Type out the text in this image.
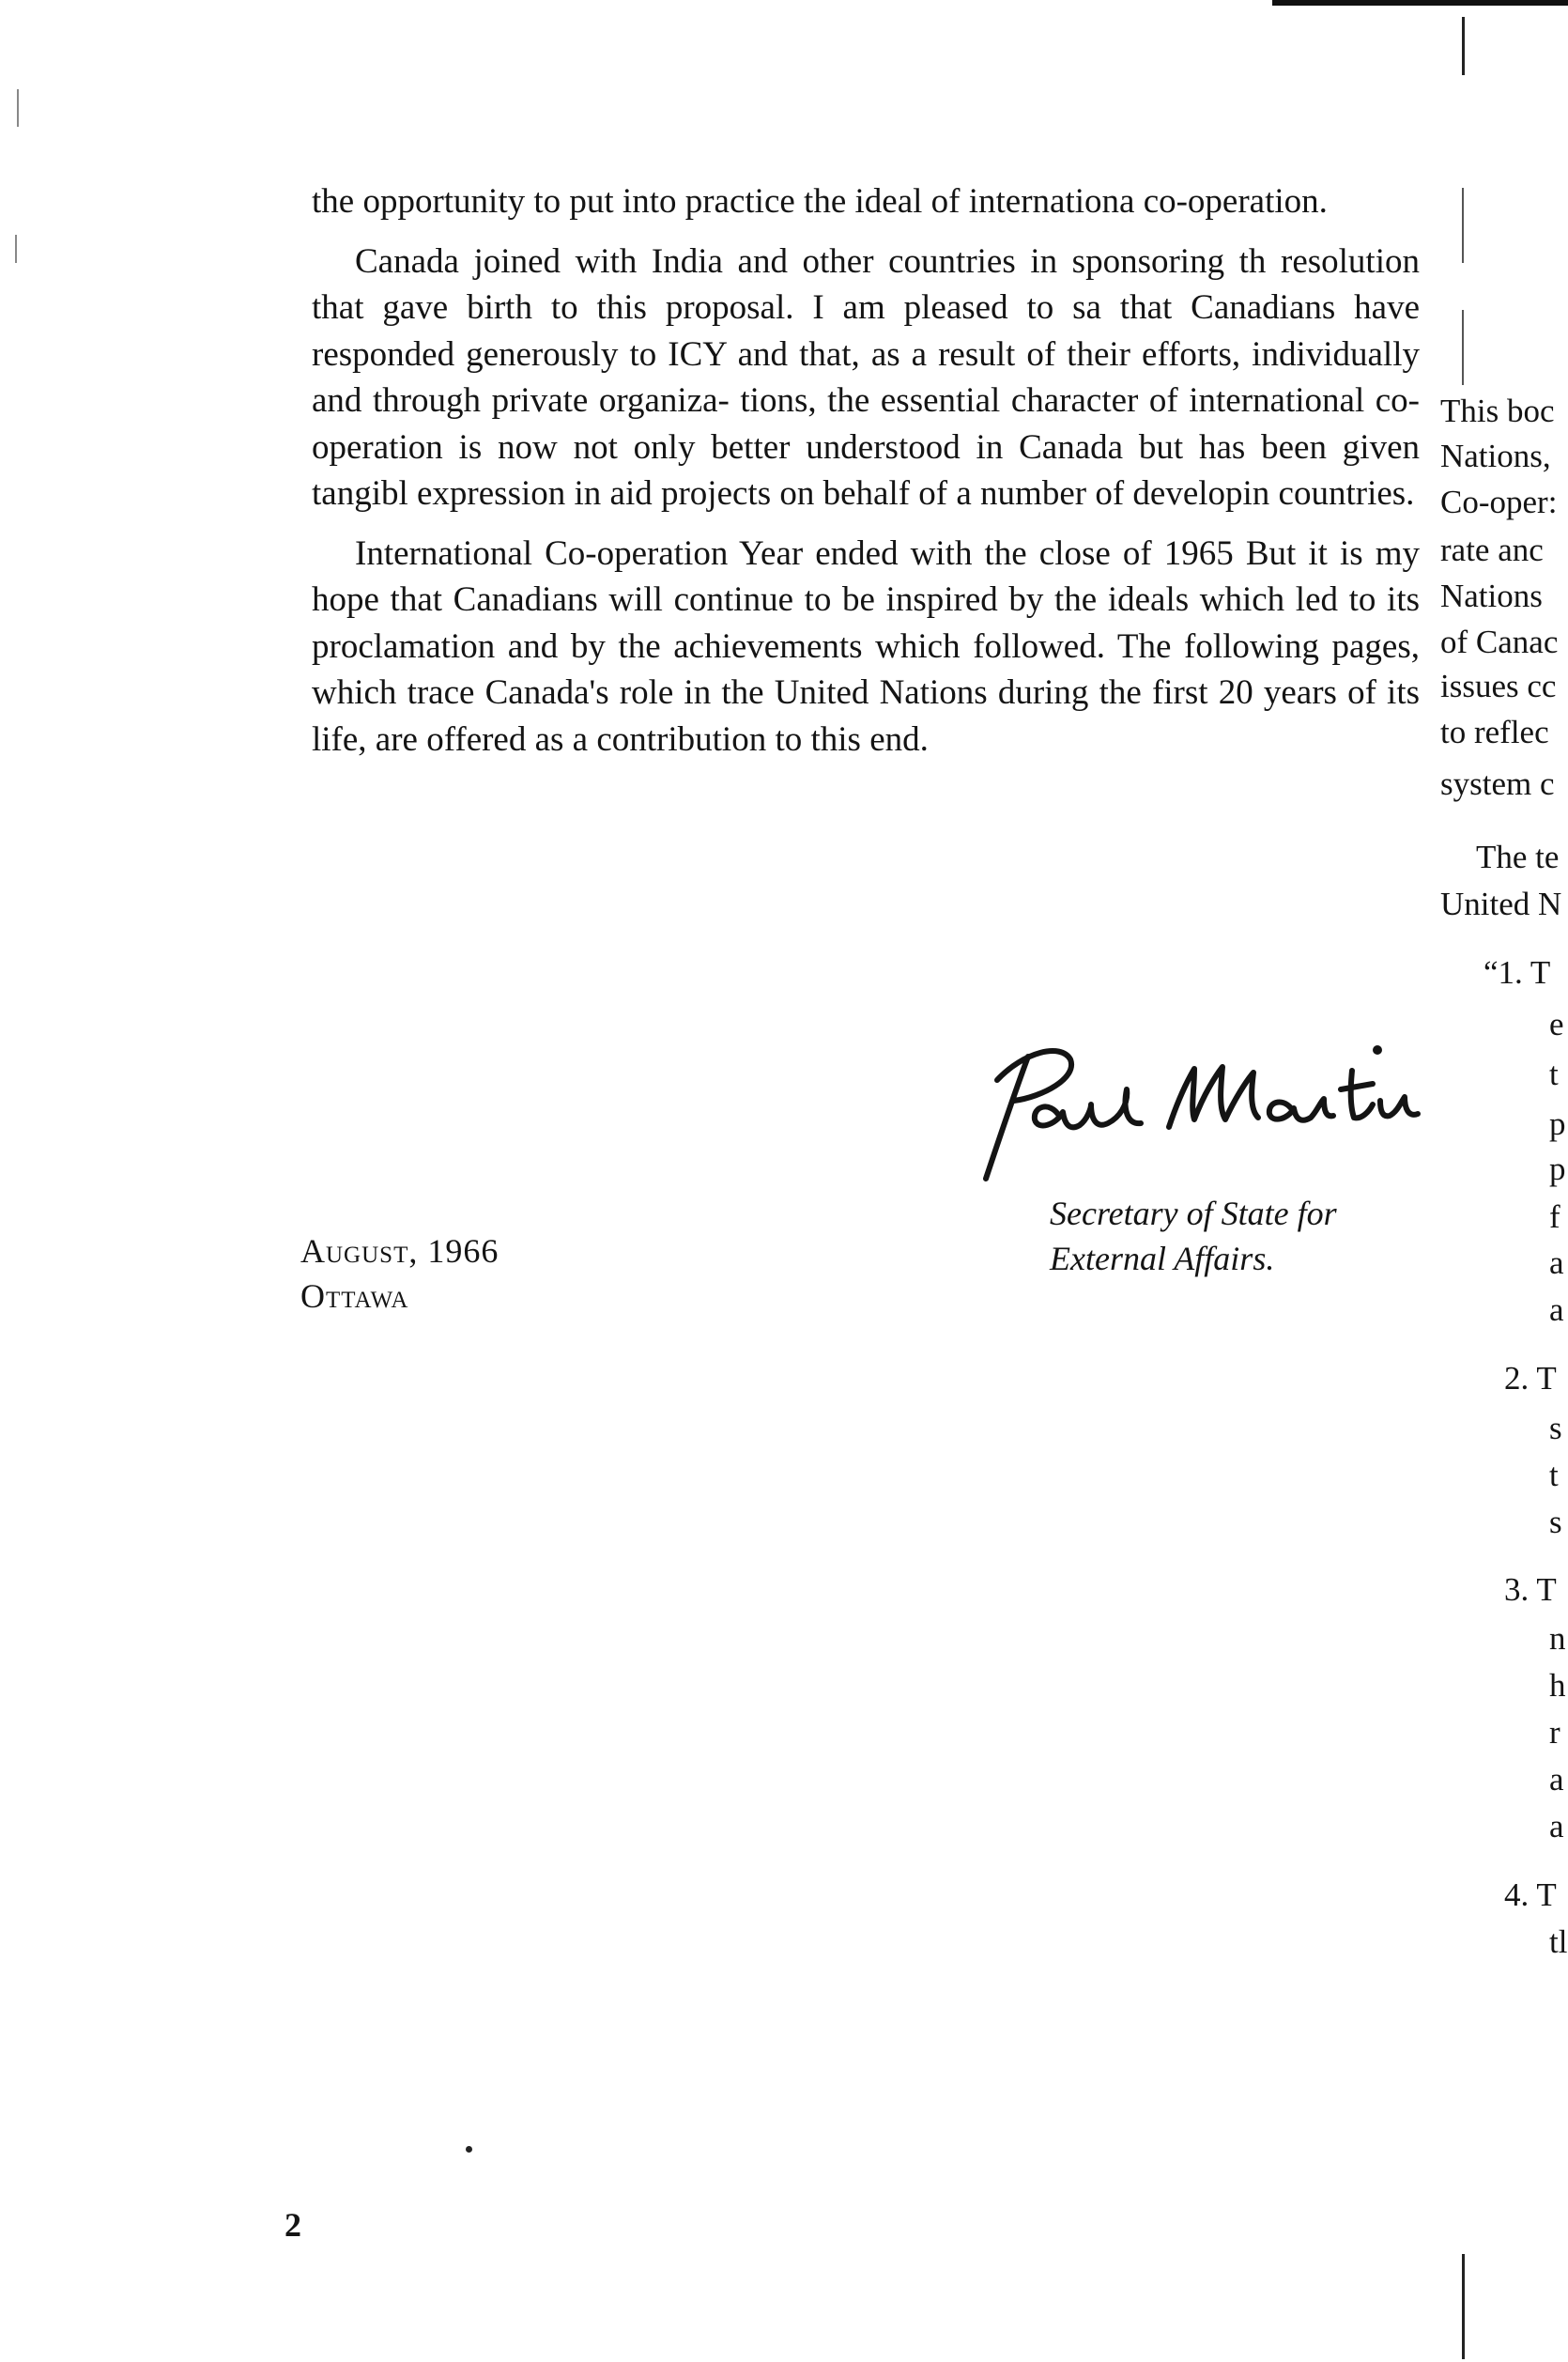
the opportunity to put into practice the ideal of internationa co-operation.

Canada joined with India and other countries in sponsoring th resolution that gave birth to this proposal. I am pleased to sa that Canadians have responded generously to ICY and that, as a result of their efforts, individually and through private organiza- tions, the essential character of international co-operation is now not only better understood in Canada but has been given tangibl expression in aid projects on behalf of a number of developin countries.

International Co-operation Year ended with the close of 1965 But it is my hope that Canadians will continue to be inspired by the ideals which led to its proclamation and by the achievements which followed. The following pages, which trace Canada's role in the United Nations during the first 20 years of its life, are offered as a contribution to this end.

Secretary of State for
External Affairs.
August, 1966
Ottawa
2
This boc
Nations,
Co-oper:
rate anc
Nations
of Canac
issues cc
to reflec
system c
The te
United N
“1. T
e
t
p
p
f
a
a
2. T
s
t
s
3. T
n
h
r
a
a
4. T
tl
